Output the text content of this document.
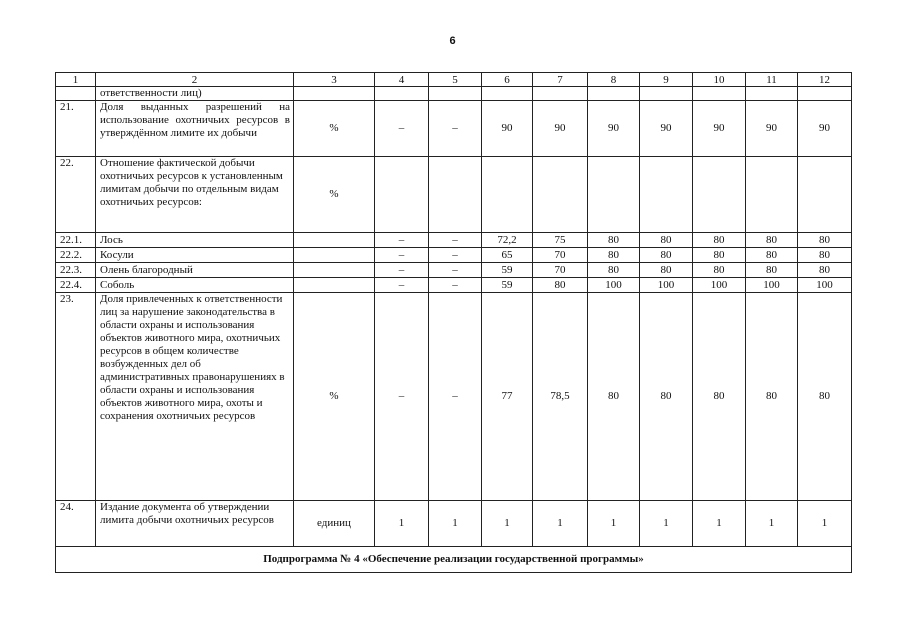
6
1	2	3	4	5	6	7	8	9	10	11	12
	ответственности лиц)										
21.	Доля выданных разрешений на использование охотничьих ресурсов в утверждённом лимите их добычи	%	–	–	90	90	90	90	90	90	90
22.	Отношение фактической добычи охотничьих ресурсов к установленным лимитам добычи по отдельным видам охотничьих ресурсов:	%									
22.1.	Лось		–	–	72,2	75	80	80	80	80	80
22.2.	Косули		–	–	65	70	80	80	80	80	80
22.3.	Олень благородный		–	–	59	70	80	80	80	80	80
22.4.	Соболь		–	–	59	80	100	100	100	100	100
23.	Доля привлеченных к ответственности лиц за нарушение законодательства в области охраны и использования объектов животного мира, охотничьих ресурсов в общем количестве возбужденных дел об административных правонарушениях в области охраны и использования объектов животного мира, охоты и сохранения охотничьих ресурсов	%	–	–	77	78,5	80	80	80	80	80
24.	Издание документа об утверждении лимита добычи охотничьих ресурсов	единиц	1	1	1	1	1	1	1	1	1
Подпрограмма № 4 «Обеспечение реализации государственной программы»											
